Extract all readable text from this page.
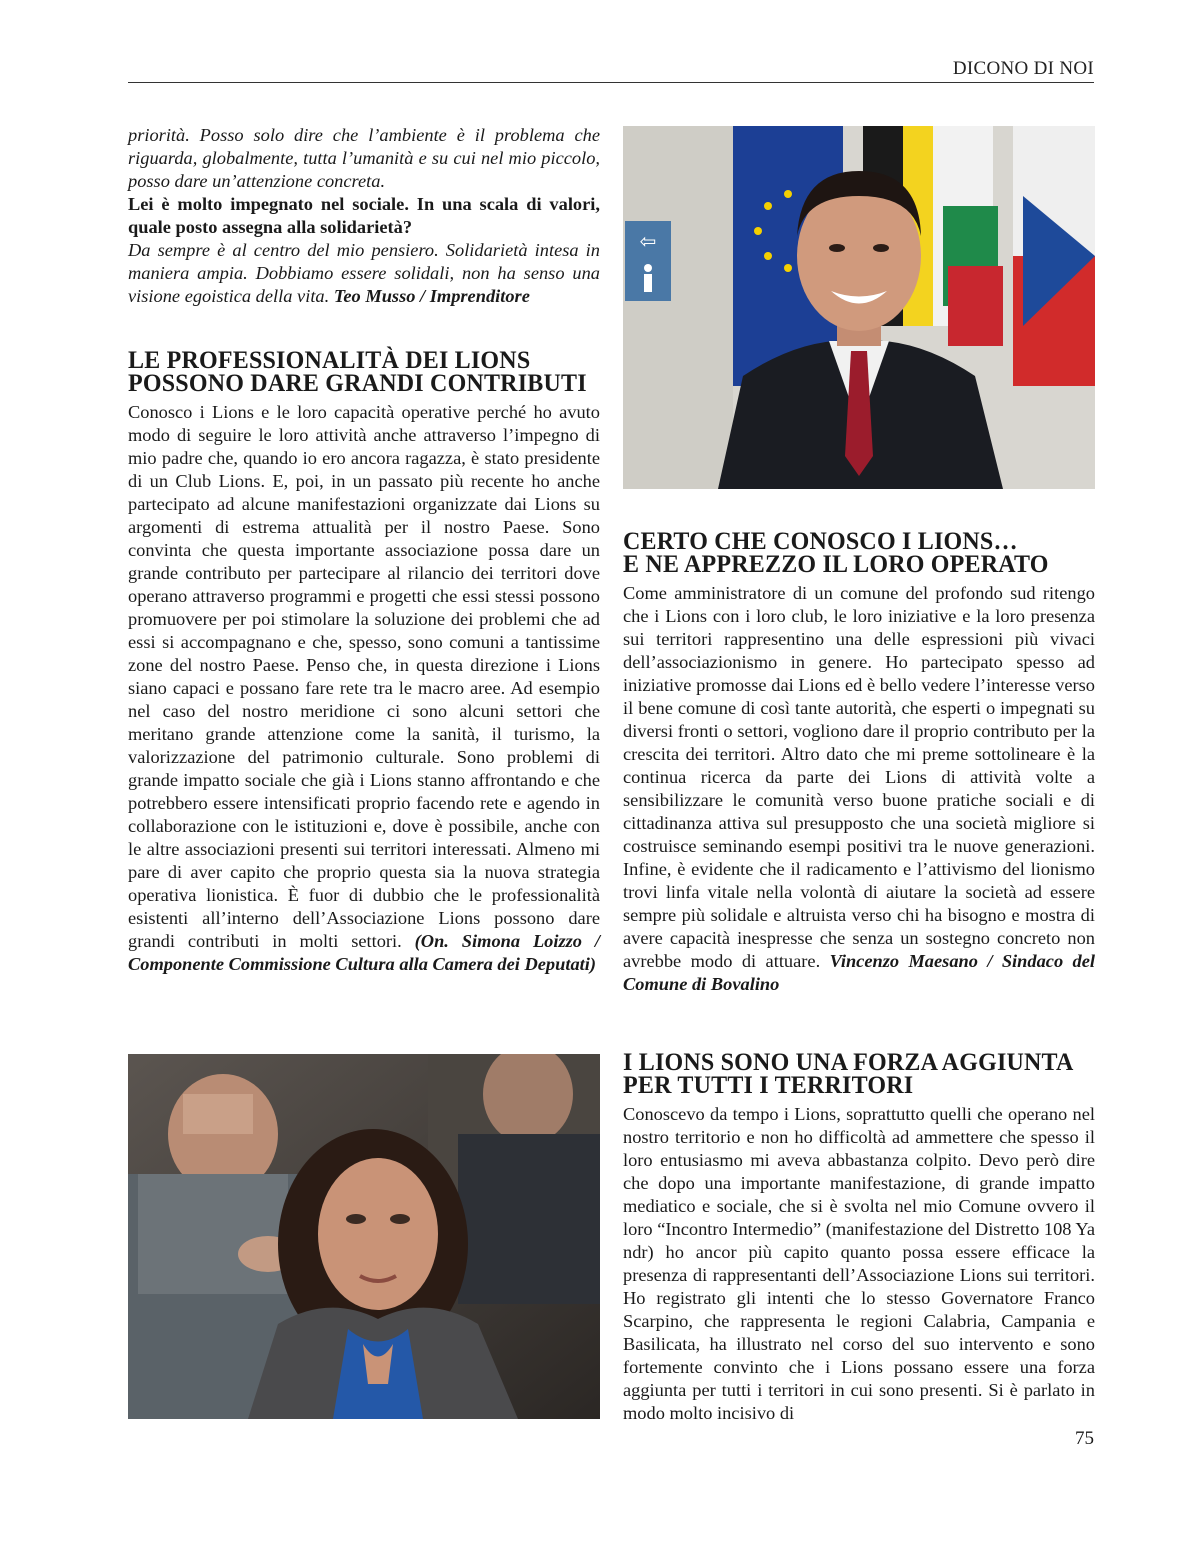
DICONO DI NOI

priorità. Posso solo dire che l’ambiente è il problema che riguarda, globalmente, tutta l’umanità e su cui nel mio piccolo, posso dare un’attenzione concreta.

Lei è molto impegnato nel sociale. In una scala di valori, quale posto assegna alla solidarietà?

Da sempre è al centro del mio pensiero. Solidarietà intesa in maniera ampia. Dobbiamo essere solidali, non ha senso una visione egoistica della vita. Teo Musso / Imprenditore

LE PROFESSIONALITÀ DEI LIONS
POSSONO DARE GRANDI CONTRIBUTI

Conosco i Lions e le loro capacità operative perché ho avuto modo di seguire le loro attività anche attraverso l’impegno di mio padre che, quando io ero ancora ragazza, è stato presidente di un Club Lions. E, poi, in un passato più recente ho anche partecipato ad alcune manifestazioni organizzate dai Lions su argomenti di estrema attualità per il nostro Paese. Sono convinta che questa importante associazione possa dare un grande contributo per partecipare al rilancio dei territori dove operano attraverso programmi e progetti che essi stessi possono promuovere per poi stimolare la soluzione dei problemi che ad essi si accompagnano e che, spesso, sono comuni a tantissime zone del nostro Paese. Penso che, in questa direzione i Lions siano capaci e possano fare rete tra le macro aree. Ad esempio nel caso del nostro meridione ci sono alcuni settori che meritano grande attenzione come la sanità, il turismo, la valorizzazione del patrimonio culturale. Sono problemi di grande impatto sociale che già i Lions stanno affrontando e che potrebbero essere intensificati proprio facendo rete e agendo in collaborazione con le istituzioni e, dove è possibile, anche con le altre associazioni presenti sui territori interessati. Almeno mi pare di aver capito che proprio questa sia la nuova strategia operativa lionistica. È fuor di dubbio che le professionalità esistenti all’interno dell’Associazione Lions possono dare grandi contributi in molti settori. (On. Simona Loizzo / Componente Commissione Cultura alla Camera dei Deputati)

⇦
CERTO CHE CONOSCO I LIONS…
E NE APPREZZO IL LORO OPERATO

Come amministratore di un comune del profondo sud ritengo che i Lions con i loro club, le loro iniziative e la loro presenza sui territori rappresentino una delle espressioni più vivaci dell’associazionismo in genere. Ho partecipato spesso ad iniziative promosse dai Lions ed è bello vedere l’interesse verso il bene comune di così tante autorità, che esperti o impegnati su diversi fronti o settori, vogliono dare il proprio contributo per la crescita dei territori. Altro dato che mi preme sottolineare è la continua ricerca da parte dei Lions di attività volte a sensibilizzare le comunità verso buone pratiche sociali e di cittadinanza attiva sul presupposto che una società migliore si costruisce seminando esempi positivi tra le nuove generazioni. Infine, è evidente che il radicamento e l’attivismo del lionismo trovi linfa vitale nella volontà di aiutare la società ad essere sempre più solidale e altruista verso chi ha bisogno e mostra di avere capacità inespresse che senza un sostegno concreto non avrebbe modo di attuare. Vincenzo Maesano / Sindaco del Comune di Bovalino

I LIONS SONO UNA FORZA AGGIUNTA
PER TUTTI I TERRITORI

Conoscevo da tempo i Lions, soprattutto quelli che operano nel nostro territorio e non ho difficoltà ad ammettere che spesso il loro entusiasmo mi aveva abbastanza colpito. Devo però dire che dopo una importante manifestazione, di grande impatto mediatico e sociale, che si è svolta nel mio Comune ovvero il loro “Incontro Intermedio” (manifestazione del Distretto 108 Ya ndr) ho ancor più capito quanto possa essere efficace la presenza di rappresentanti dell’Associazione Lions sui territori. Ho registrato gli intenti che lo stesso Governatore Franco Scarpino, che rappresenta le regioni Calabria, Campania e Basilicata, ha illustrato nel corso del suo intervento e sono fortemente convinto che i Lions possano essere una forza aggiunta per tutti i territori in cui sono presenti. Si è parlato in modo molto incisivo di

75
